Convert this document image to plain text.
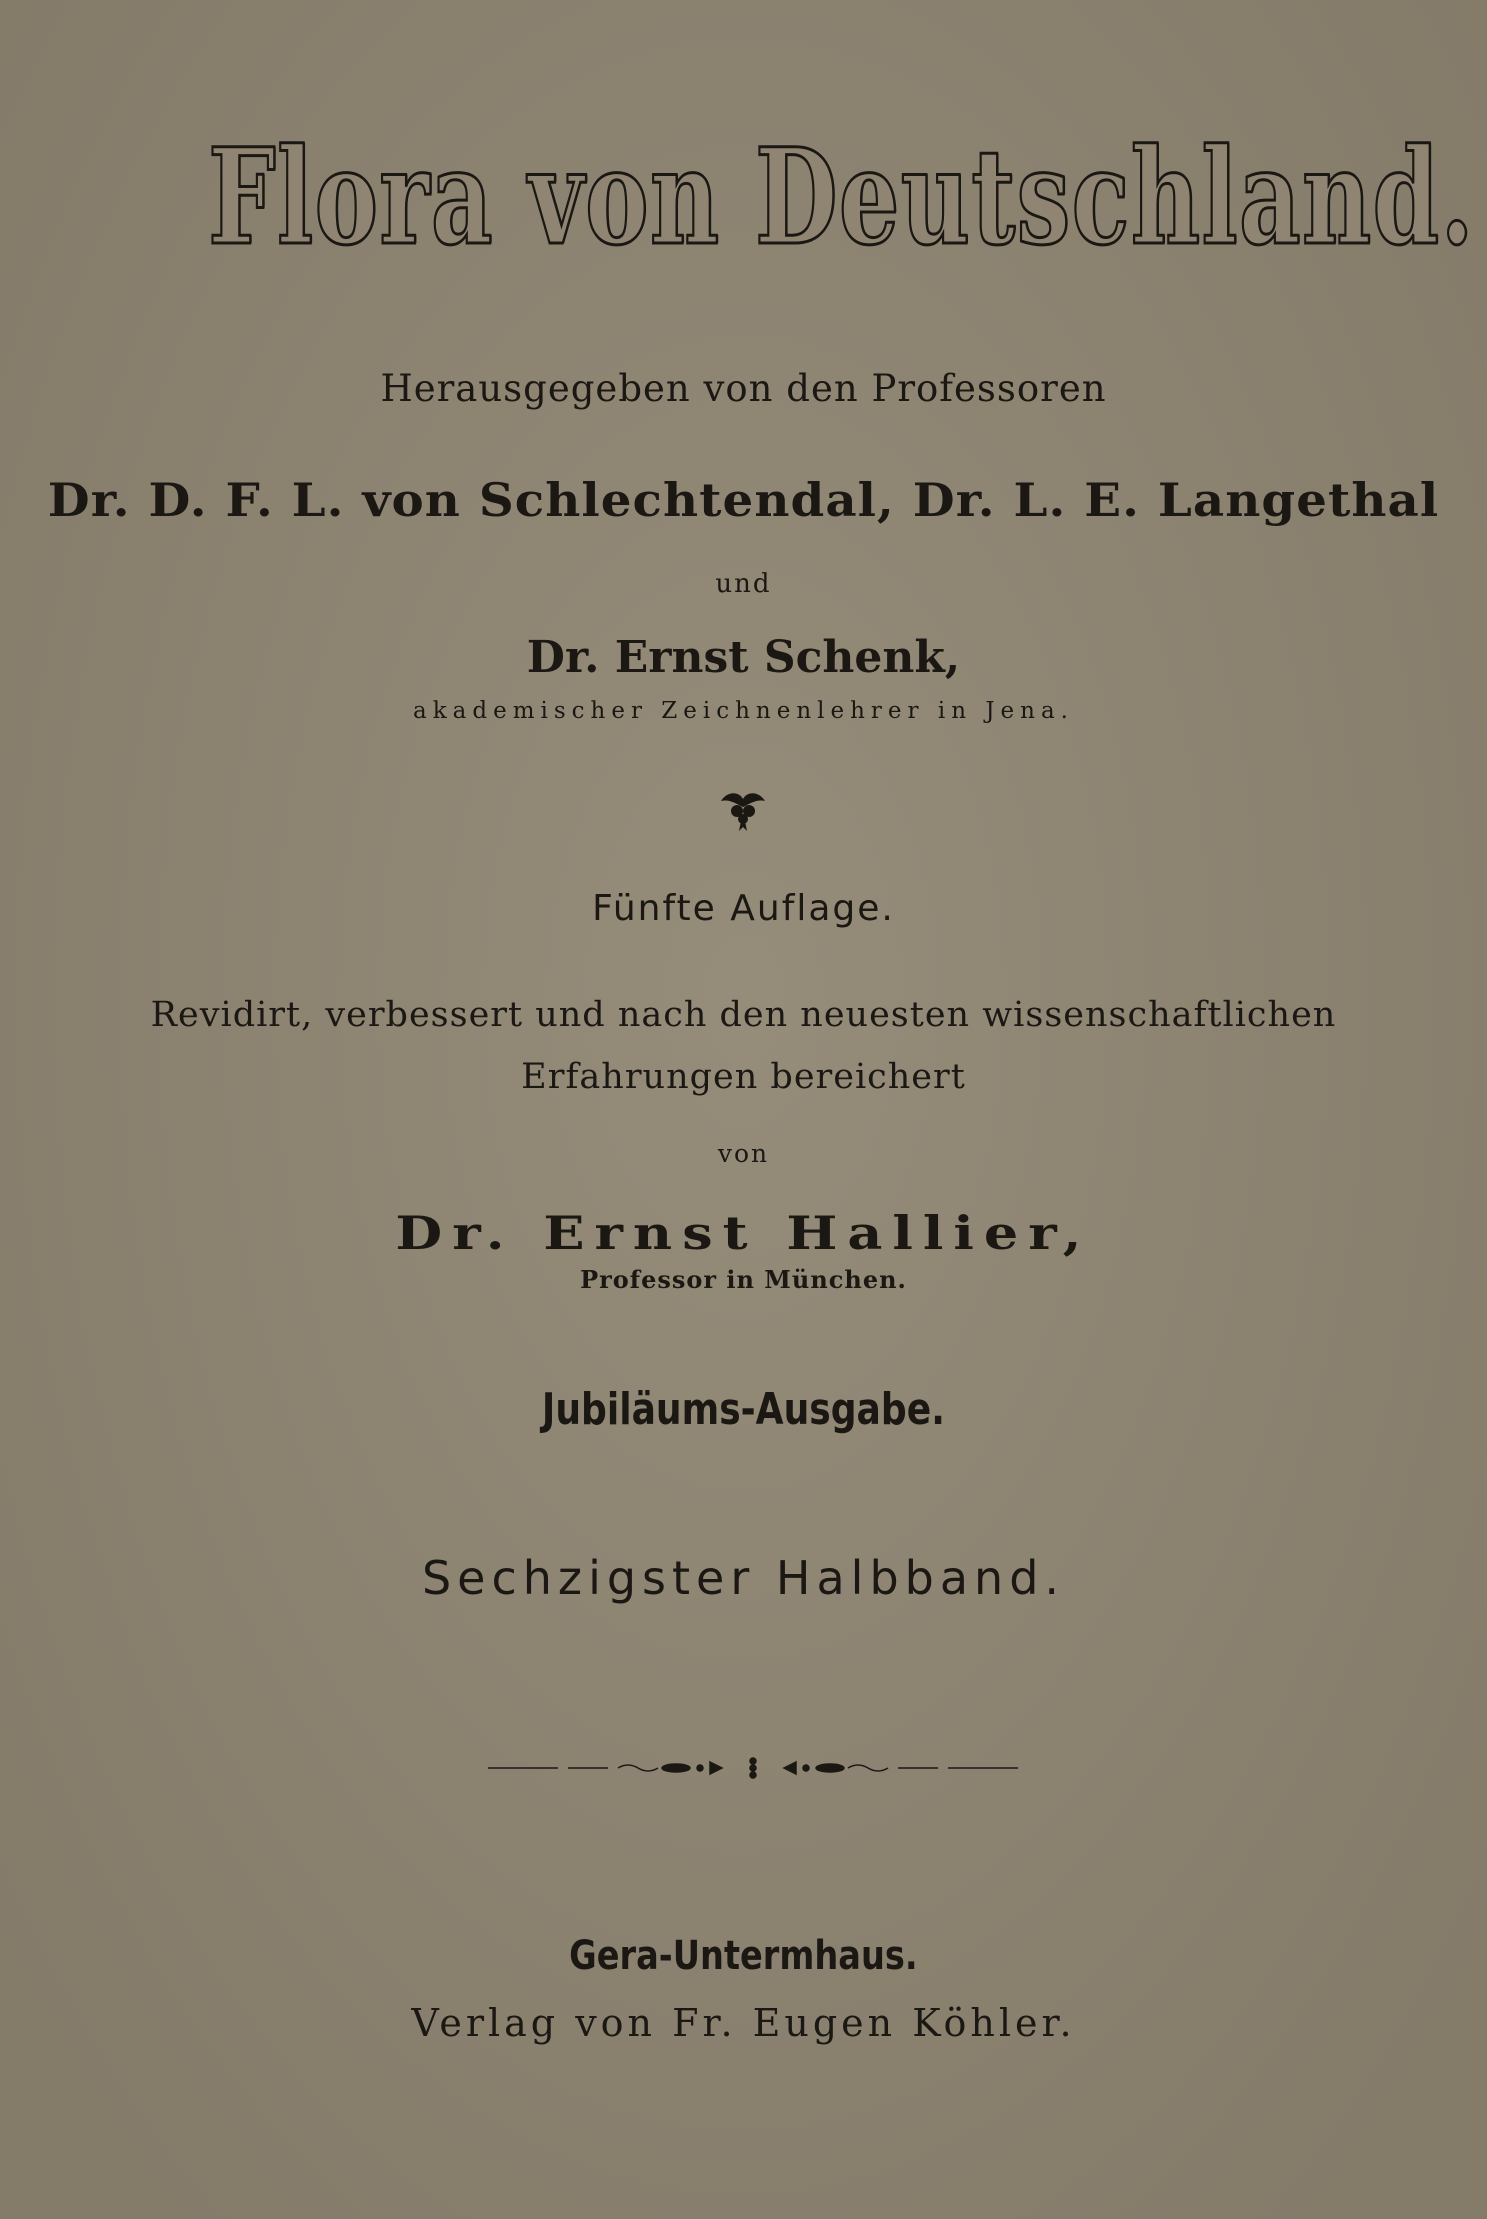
Flora von Deutschland.

Herausgegeben von den Professoren

Dr. D. F. L. von Schlechtendal, Dr. L. E. Langethal

und

Dr. Ernst Schenk,

akademischer Zeichnenlehrer in Jena.

Fünfte Auflage.

Revidirt, verbessert und nach den neuesten wissenschaftlichen

Erfahrungen bereichert

von

Dr. Ernst Hallier,

Professor in München.

Jubiläums-Ausgabe.

Sechzigster Halbband.

Gera-Untermhaus.

Verlag von Fr. Eugen Köhler.
